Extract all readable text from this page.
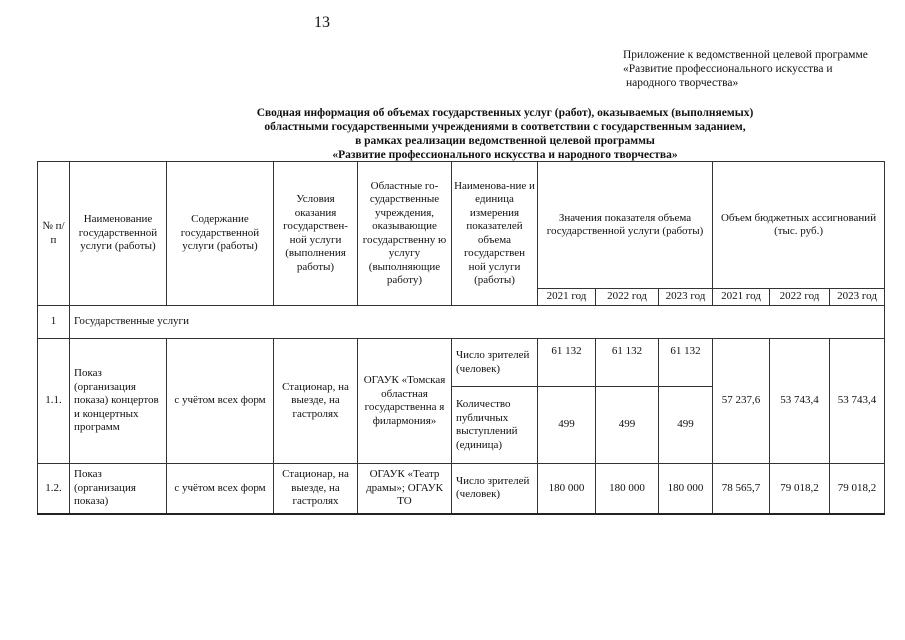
13
Приложение к ведомственной целевой программе
«Развитие профессионального искусства и
народного творчества»
Сводная информация об объемах государственных услуг (работ), оказываемых (выполняемых)
областными государственными учреждениями в соответствии с государственным заданием,
в рамках реализации ведомственной целевой программы
«Развитие профессионального искусства и народного творчества»
№ п/п	Наименование государственной услуги (работы)	Содержание государственной услуги (работы)	Условия оказания государствен-ной услуги (выполнения работы)	Областные го-сударственные учреждения, оказывающие государственну ю услугу (выполняющие работу)	Наименова-ние и единица измерения показателей объема государствен ной услуги (работы)	Значения показателя объема государственной услуги (работы)			Объем бюджетных ассигнований (тыс. руб.)		
						2021 год	2022 год	2023 год	2021 год	2022 год	2023 год
1	Государственные услуги										
1.1.	Показ (организация показа) концертов и концертных программ	с учётом всех форм	Стационар, на выезде, на гастролях	ОГАУК «Томская областная государственна я филармония»	Число зрителей (человек)	61 132	61 132	61 132	57 237,6	53 743,4	53 743,4
					Количество публичных выступлений (единица)	499	499	499			
1.2.	Показ (организация показа)	с учётом всех форм	Стационар, на выезде, на гастролях	ОГАУК «Театр драмы»; ОГАУК ТО	Число зрителей (человек)	180 000	180 000	180 000	78 565,7	79 018,2	79 018,2
